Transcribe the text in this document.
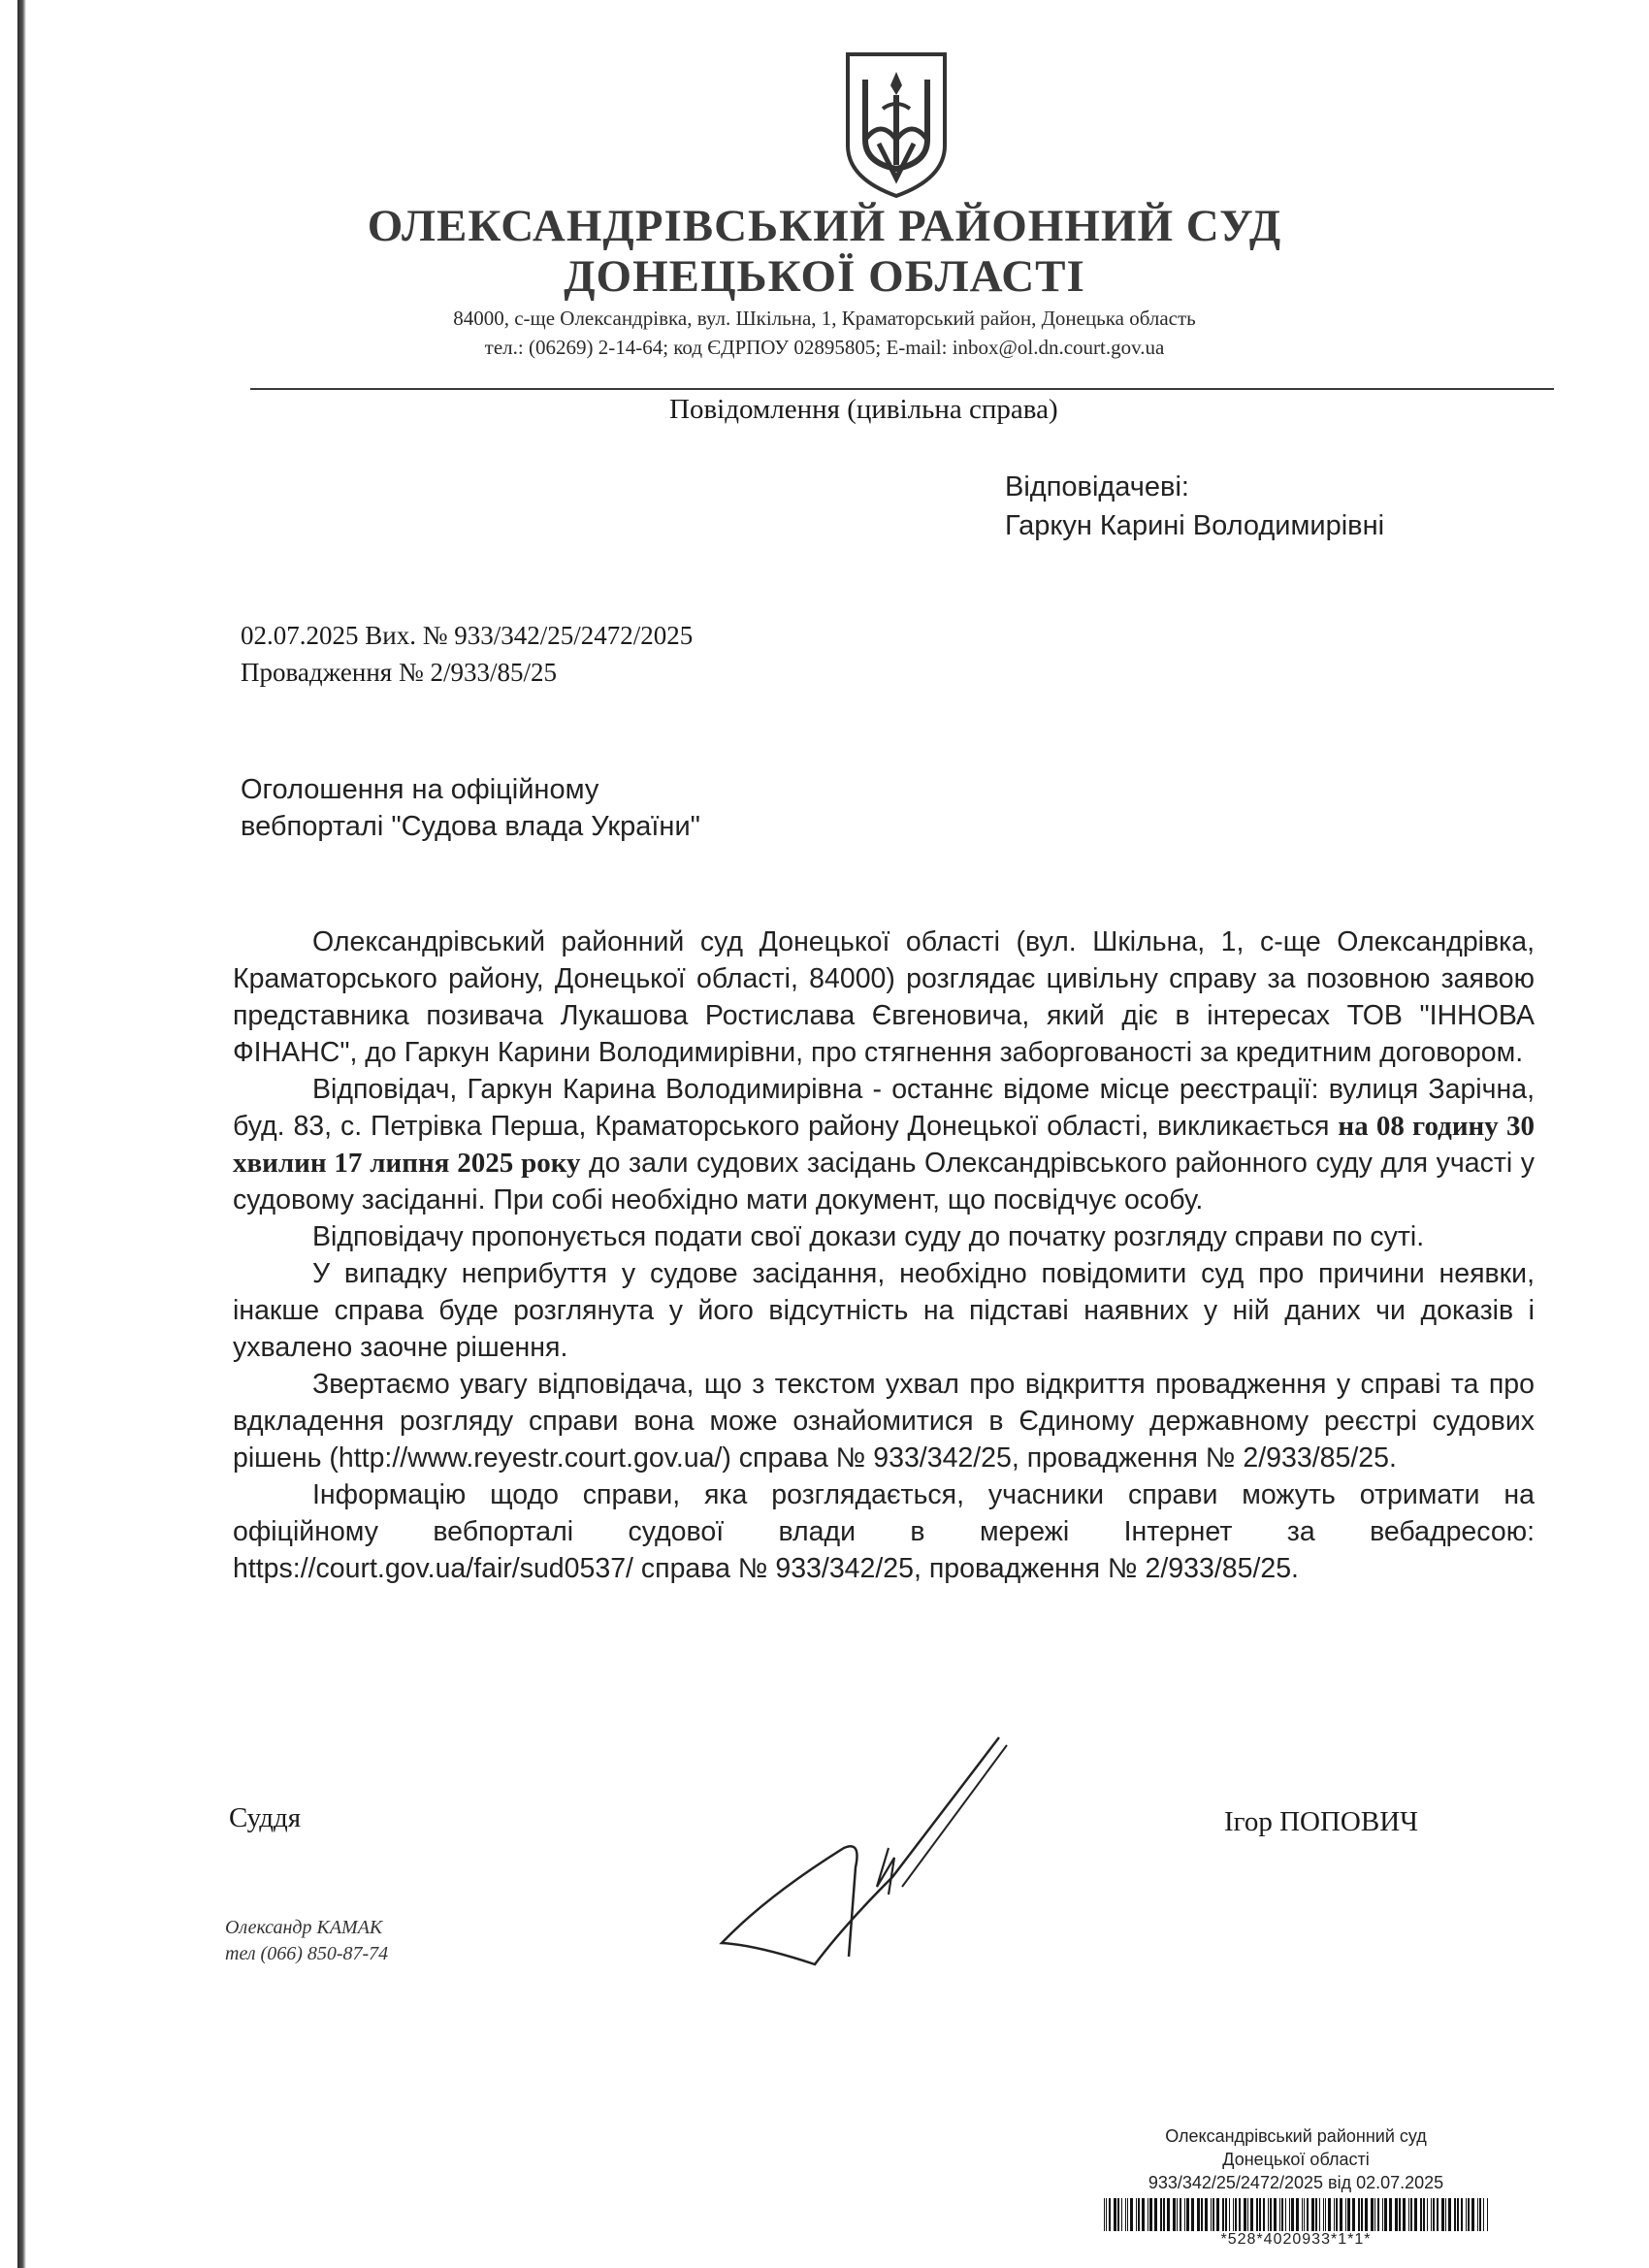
ОЛЕКСАНДРІВСЬКИЙ РАЙОННИЙ СУД
ДОНЕЦЬКОЇ ОБЛАСТІ

84000, с-ще Олександрівка, вул. Шкільна, 1, Краматорський район, Донецька область

тел.: (06269) 2-14-64; код ЄДРПОУ 02895805; E-mail: inbox@ol.dn.court.gov.ua

Повідомлення (цивільна справа)

Відповідачеві:

Гаркун Карині Володимирівні

02.07.2025 Вих. № 933/342/25/2472/2025

Провадження № 2/933/85/25

Оголошення на офіційному

вебпорталі "Судова влада України"

Олександрівський районний суд Донецької області (вул. Шкільна, 1, с-ще Олександрівка, Краматорського району, Донецької області, 84000) розглядає цивільну справу за позовною заявою представника позивача Лукашова Ростислава Євгеновича, який діє в інтересах ТОВ "ІННОВА ФІНАНС", до Гаркун Карини Володимирівни, про стягнення заборгованості за кредитним договором.

Відповідач, Гаркун Карина Володимирівна - останнє відоме місце реєстрації: вулиця Зарічна, буд. 83, с. Петрівка Перша, Краматорського району Донецької області, викликається на 08 годину 30 хвилин 17 липня 2025 року до зали судових засідань Олександрівського районного суду для участі у судовому засіданні. При собі необхідно мати документ, що посвідчує особу.

Відповідачу пропонується подати свої докази суду до початку розгляду справи по суті.

У випадку неприбуття у судове засідання, необхідно повідомити суд про причини неявки, інакше справа буде розглянута у його відсутність на підставі наявних у ній даних чи доказів і ухвалено заочне рішення.

Звертаємо увагу відповідача, що з текстом ухвал про відкриття провадження у справі та про вдкладення розгляду справи вона може ознайомитися в Єдиному державному реєстрі судових рішень (http://www.reyestr.court.gov.ua/) справа № 933/342/25, провадження № 2/933/85/25.

Інформацію щодо справи, яка розглядається, учасники справи можуть отримати на офіційному вебпорталі судової влади в мережі Інтернет за вебадресою: https://court.gov.ua/fair/sud0537/ справа № 933/342/25, провадження № 2/933/85/25.

Суддя	Ігор ПОПОВИЧ

Олександр КАМАК

тел (066) 850-87-74

Олександрівський районний суд

Донецької області

933/342/25/2472/2025 від 02.07.2025

*528*4020933*1*1*
